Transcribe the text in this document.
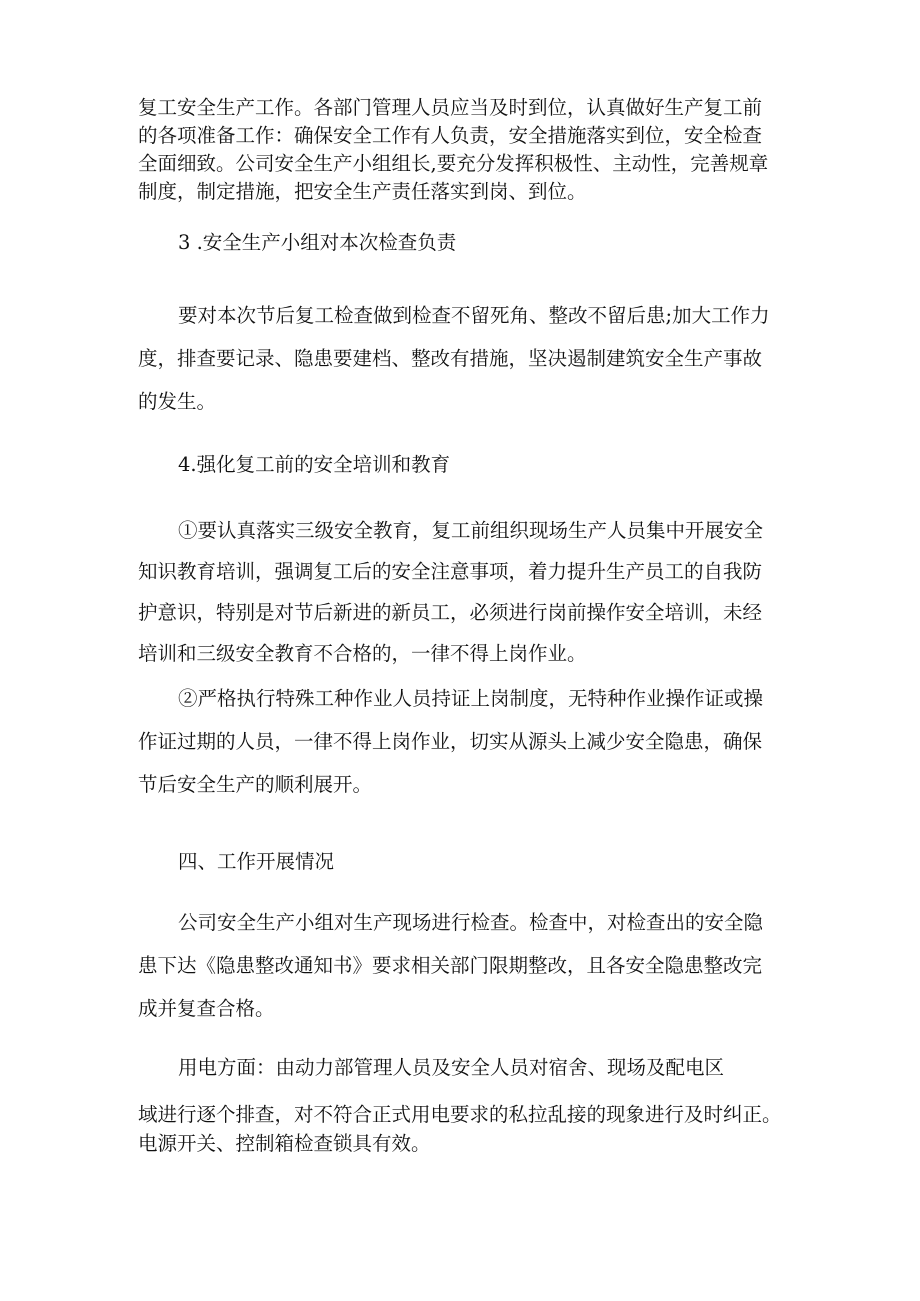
复工安全生产工作。各部门管理人员应当及时到位，认真做好生产复工前
的各项准备工作：确保安全工作有人负责，安全措施落实到位，安全检查
全面细致。公司安全生产小组组长,要充分发挥积极性、主动性，完善规章
制度，制定措施，把安全生产责任落实到岗、到位。
3 .安全生产小组对本次检查负责
要对本次节后复工检查做到检查不留死角、整改不留后患;加大工作力
度，排查要记录、隐患要建档、整改有措施，坚决遏制建筑安全生产事故
的发生。
4.强化复工前的安全培训和教育
①要认真落实三级安全教育，复工前组织现场生产人员集中开展安全
知识教育培训，强调复工后的安全注意事项，着力提升生产员工的自我防
护意识，特别是对节后新进的新员工，必须进行岗前操作安全培训，未经
培训和三级安全教育不合格的，一律不得上岗作业。
②严格执行特殊工种作业人员持证上岗制度，无特种作业操作证或操
作证过期的人员，一律不得上岗作业，切实从源头上减少安全隐患，确保
节后安全生产的顺利展开。
四、工作开展情况
公司安全生产小组对生产现场进行检查。检查中，对检查出的安全隐
患下达《隐患整改通知书》要求相关部门限期整改，且各安全隐患整改完
成并复查合格。
用电方面：由动力部管理人员及安全人员对宿舍、现场及配电区
域进行逐个排查，对不符合正式用电要求的私拉乱接的现象进行及时纠正。
电源开关、控制箱检查锁具有效。
